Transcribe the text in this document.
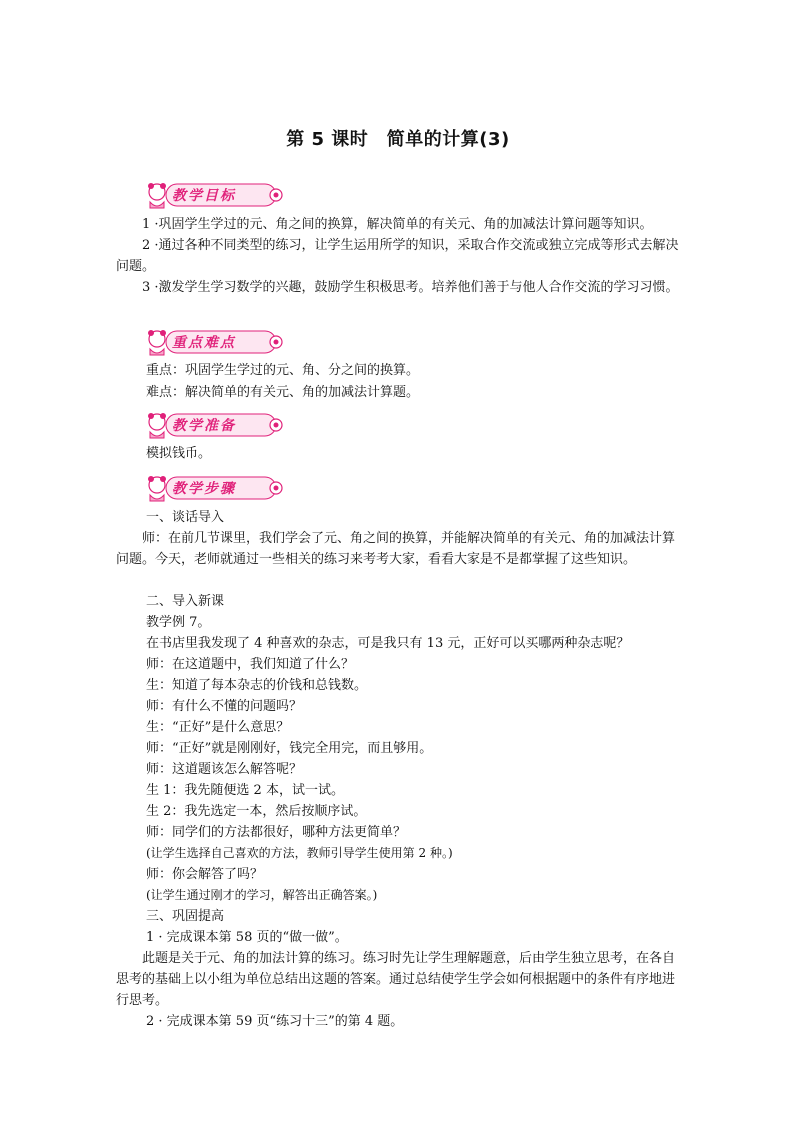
第 5 课时　简单的计算(3)
教学目标

1 ·巩固学生学过的元、角之间的换算，解决简单的有关元、角的加减法计算问题等知识。

2 ·通过各种不同类型的练习，让学生运用所学的知识，采取合作交流或独立完成等形式去解决问题。

3 ·激发学生学习数学的兴趣，鼓励学生积极思考。培养他们善于与他人合作交流的学习习惯。

重点难点

重点：巩固学生学过的元、角、分之间的换算。

难点：解决简单的有关元、角的加减法计算题。

教学准备

模拟钱币。

教学步骤

一、谈话导入

师：在前几节课里，我们学会了元、角之间的换算，并能解决简单的有关元、角的加减法计算问题。今天，老师就通过一些相关的练习来考考大家，看看大家是不是都掌握了这些知识。

二、导入新课

教学例 7。

在书店里我发现了 4 种喜欢的杂志，可是我只有 13 元，正好可以买哪两种杂志呢？

师：在这道题中，我们知道了什么？

生：知道了每本杂志的价钱和总钱数。

师：有什么不懂的问题吗？

生：“正好”是什么意思？

师：“正好”就是刚刚好，钱完全用完，而且够用。

师：这道题该怎么解答呢？

生 1：我先随便选 2 本，试一试。

生 2：我先选定一本，然后按顺序试。

师：同学们的方法都很好，哪种方法更简单？

(让学生选择自己喜欢的方法，教师引导学生使用第 2 种。)

师：你会解答了吗？

(让学生通过刚才的学习，解答出正确答案。)

三、巩固提高

1 · 完成课本第 58 页的“做一做”。

此题是关于元、角的加法计算的练习。练习时先让学生理解题意，后由学生独立思考，在各自思考的基础上以小组为单位总结出这题的答案。通过总结使学生学会如何根据题中的条件有序地进行思考。

2 · 完成课本第 59 页“练习十三”的第 4 题。
